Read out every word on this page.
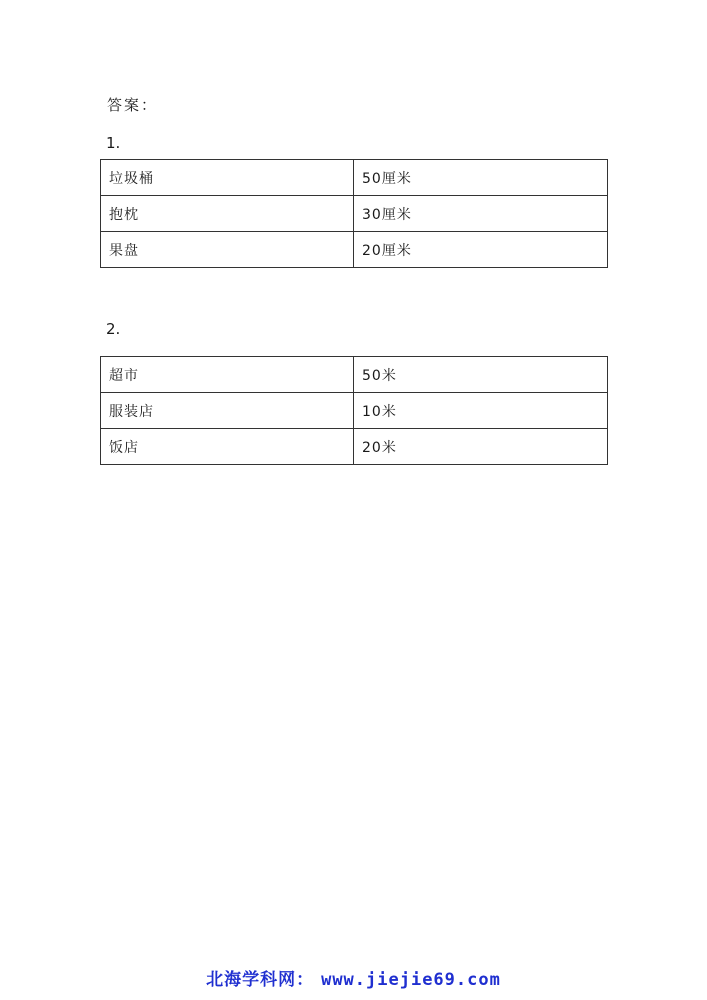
答案：
1.
垃圾桶	50厘米
抱枕	30厘米
果盘	20厘米
2.
超市	50米
服装店	10米
饭店	20米
北海学科网： www.jiejie69.com
